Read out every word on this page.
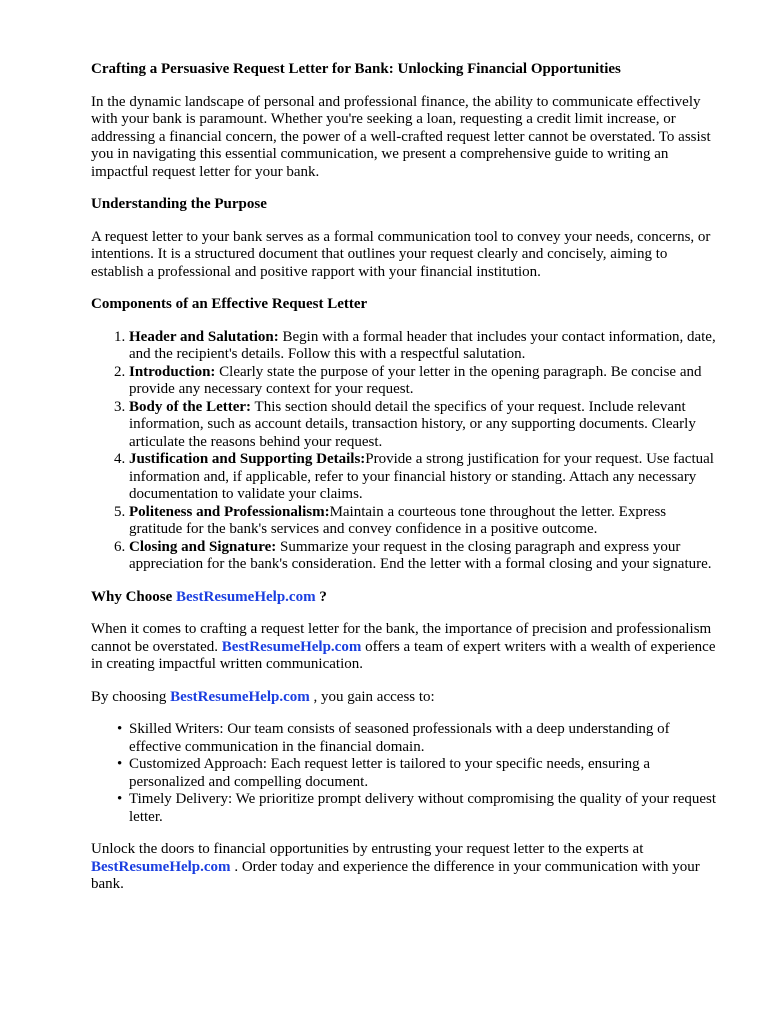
Crafting a Persuasive Request Letter for Bank: Unlocking Financial Opportunities

In the dynamic landscape of personal and professional finance, the ability to communicate effectively with your bank is paramount. Whether you're seeking a loan, requesting a credit limit increase, or addressing a financial concern, the power of a well-crafted request letter cannot be overstated. To assist you in navigating this essential communication, we present a comprehensive guide to writing an impactful request letter for your bank.

Understanding the Purpose

A request letter to your bank serves as a formal communication tool to convey your needs, concerns, or intentions. It is a structured document that outlines your request clearly and concisely, aiming to establish a professional and positive rapport with your financial institution.

Components of an Effective Request Letter
1. Header and Salutation: Begin with a formal header that includes your contact information, date, and the recipient's details. Follow this with a respectful salutation.
2. Introduction: Clearly state the purpose of your letter in the opening paragraph. Be concise and provide any necessary context for your request.
3. Body of the Letter: This section should detail the specifics of your request. Include relevant information, such as account details, transaction history, or any supporting documents. Clearly articulate the reasons behind your request.
4. Justification and Supporting Details:Provide a strong justification for your request. Use factual information and, if applicable, refer to your financial history or standing. Attach any necessary documentation to validate your claims.
5. Politeness and Professionalism:Maintain a courteous tone throughout the letter. Express gratitude for the bank's services and convey confidence in a positive outcome.
6. Closing and Signature: Summarize your request in the closing paragraph and express your appreciation for the bank's consideration. End the letter with a formal closing and your signature.
Why Choose BestResumeHelp.com ?

When it comes to crafting a request letter for the bank, the importance of precision and professionalism cannot be overstated. BestResumeHelp.com offers a team of expert writers with a wealth of experience in creating impactful written communication.

By choosing BestResumeHelp.com , you gain access to:

• Skilled Writers: Our team consists of seasoned professionals with a deep understanding of effective communication in the financial domain.
• Customized Approach: Each request letter is tailored to your specific needs, ensuring a personalized and compelling document.
• Timely Delivery: We prioritize prompt delivery without compromising the quality of your request letter.

Unlock the doors to financial opportunities by entrusting your request letter to the experts at BestResumeHelp.com . Order today and experience the difference in your communication with your bank.
